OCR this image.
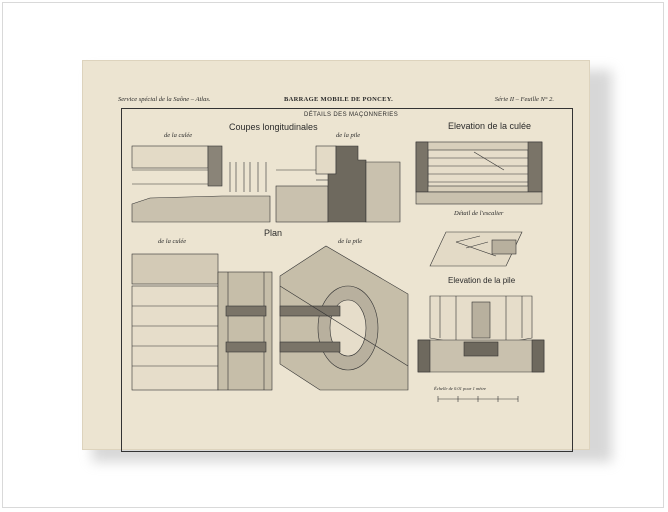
Service spécial de la Saône – Atlas.	BARRAGE MOBILE DE PONCEY.	Série II – Feuille N° 2.
DÉTAILS DES MAÇONNERIES
Coupes longitudinales
de la culée	de la pile
Elevation de la culée
Plan
de la culée	de la pile
Détail de l'escalier
Elevation de la pile
Échelle de 0.01 pour 1 mètre
